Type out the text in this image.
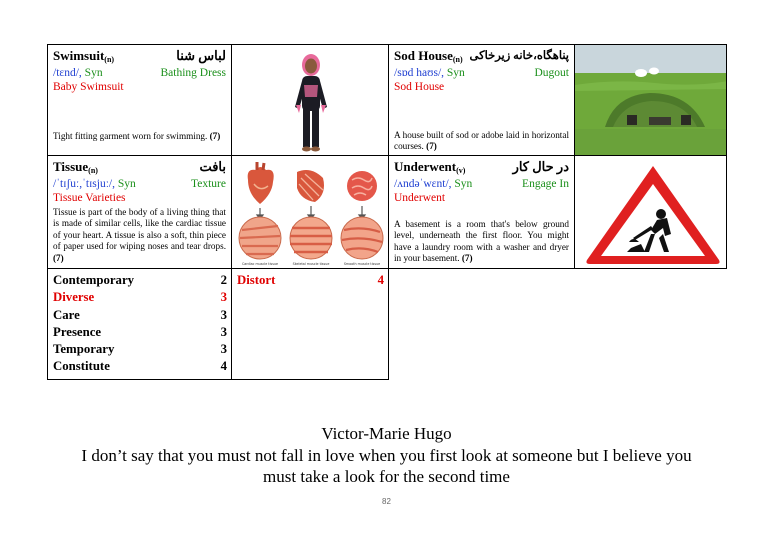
Swimsuit$_{(n)}$	لباس شنا
/tɛnd/, Syn	Bathing Dress
Baby Swimsuit
Tight fitting garment worn for swimming. (7)
Sod House$_{(n)}$ پناهگاه،خانه زیرخاکی
/sɒd haʊs/, Syn	Dugout
Sod House
A house built of sod or adobe laid in horizontal courses. (7)
Tissue$_{(n)}$	بافت
/ˈtɪʃuː,ˈtɪsjuː/, Syn	Texture
Tissue Varieties
Tissue is part of the body of a living thing that is made of similar cells, like the cardiac tissue of your heart. A tissue is also a soft, thin piece of paper used for wiping noses and tear drops. (7)
Cardiac muscle tissue	Skeletal muscle tissue	Smooth muscle tissue
Underwent$_{(v)}$	در حال کار
/ʌndəˈwɛnt/, Syn	Engage In
Underwent
A basement is a room that's below ground level, underneath the first floor. You might have a laundry room with a washer and dryer in your basement. (7)
Contemporary	2
Diverse	3
Care	3
Presence	3
Temporary	3
Constitute	4
Distort	4
Victor-Marie Hugo
I don’t say that you must not fall in love when you first look at someone but I believe you
must take a look for the second time
82
